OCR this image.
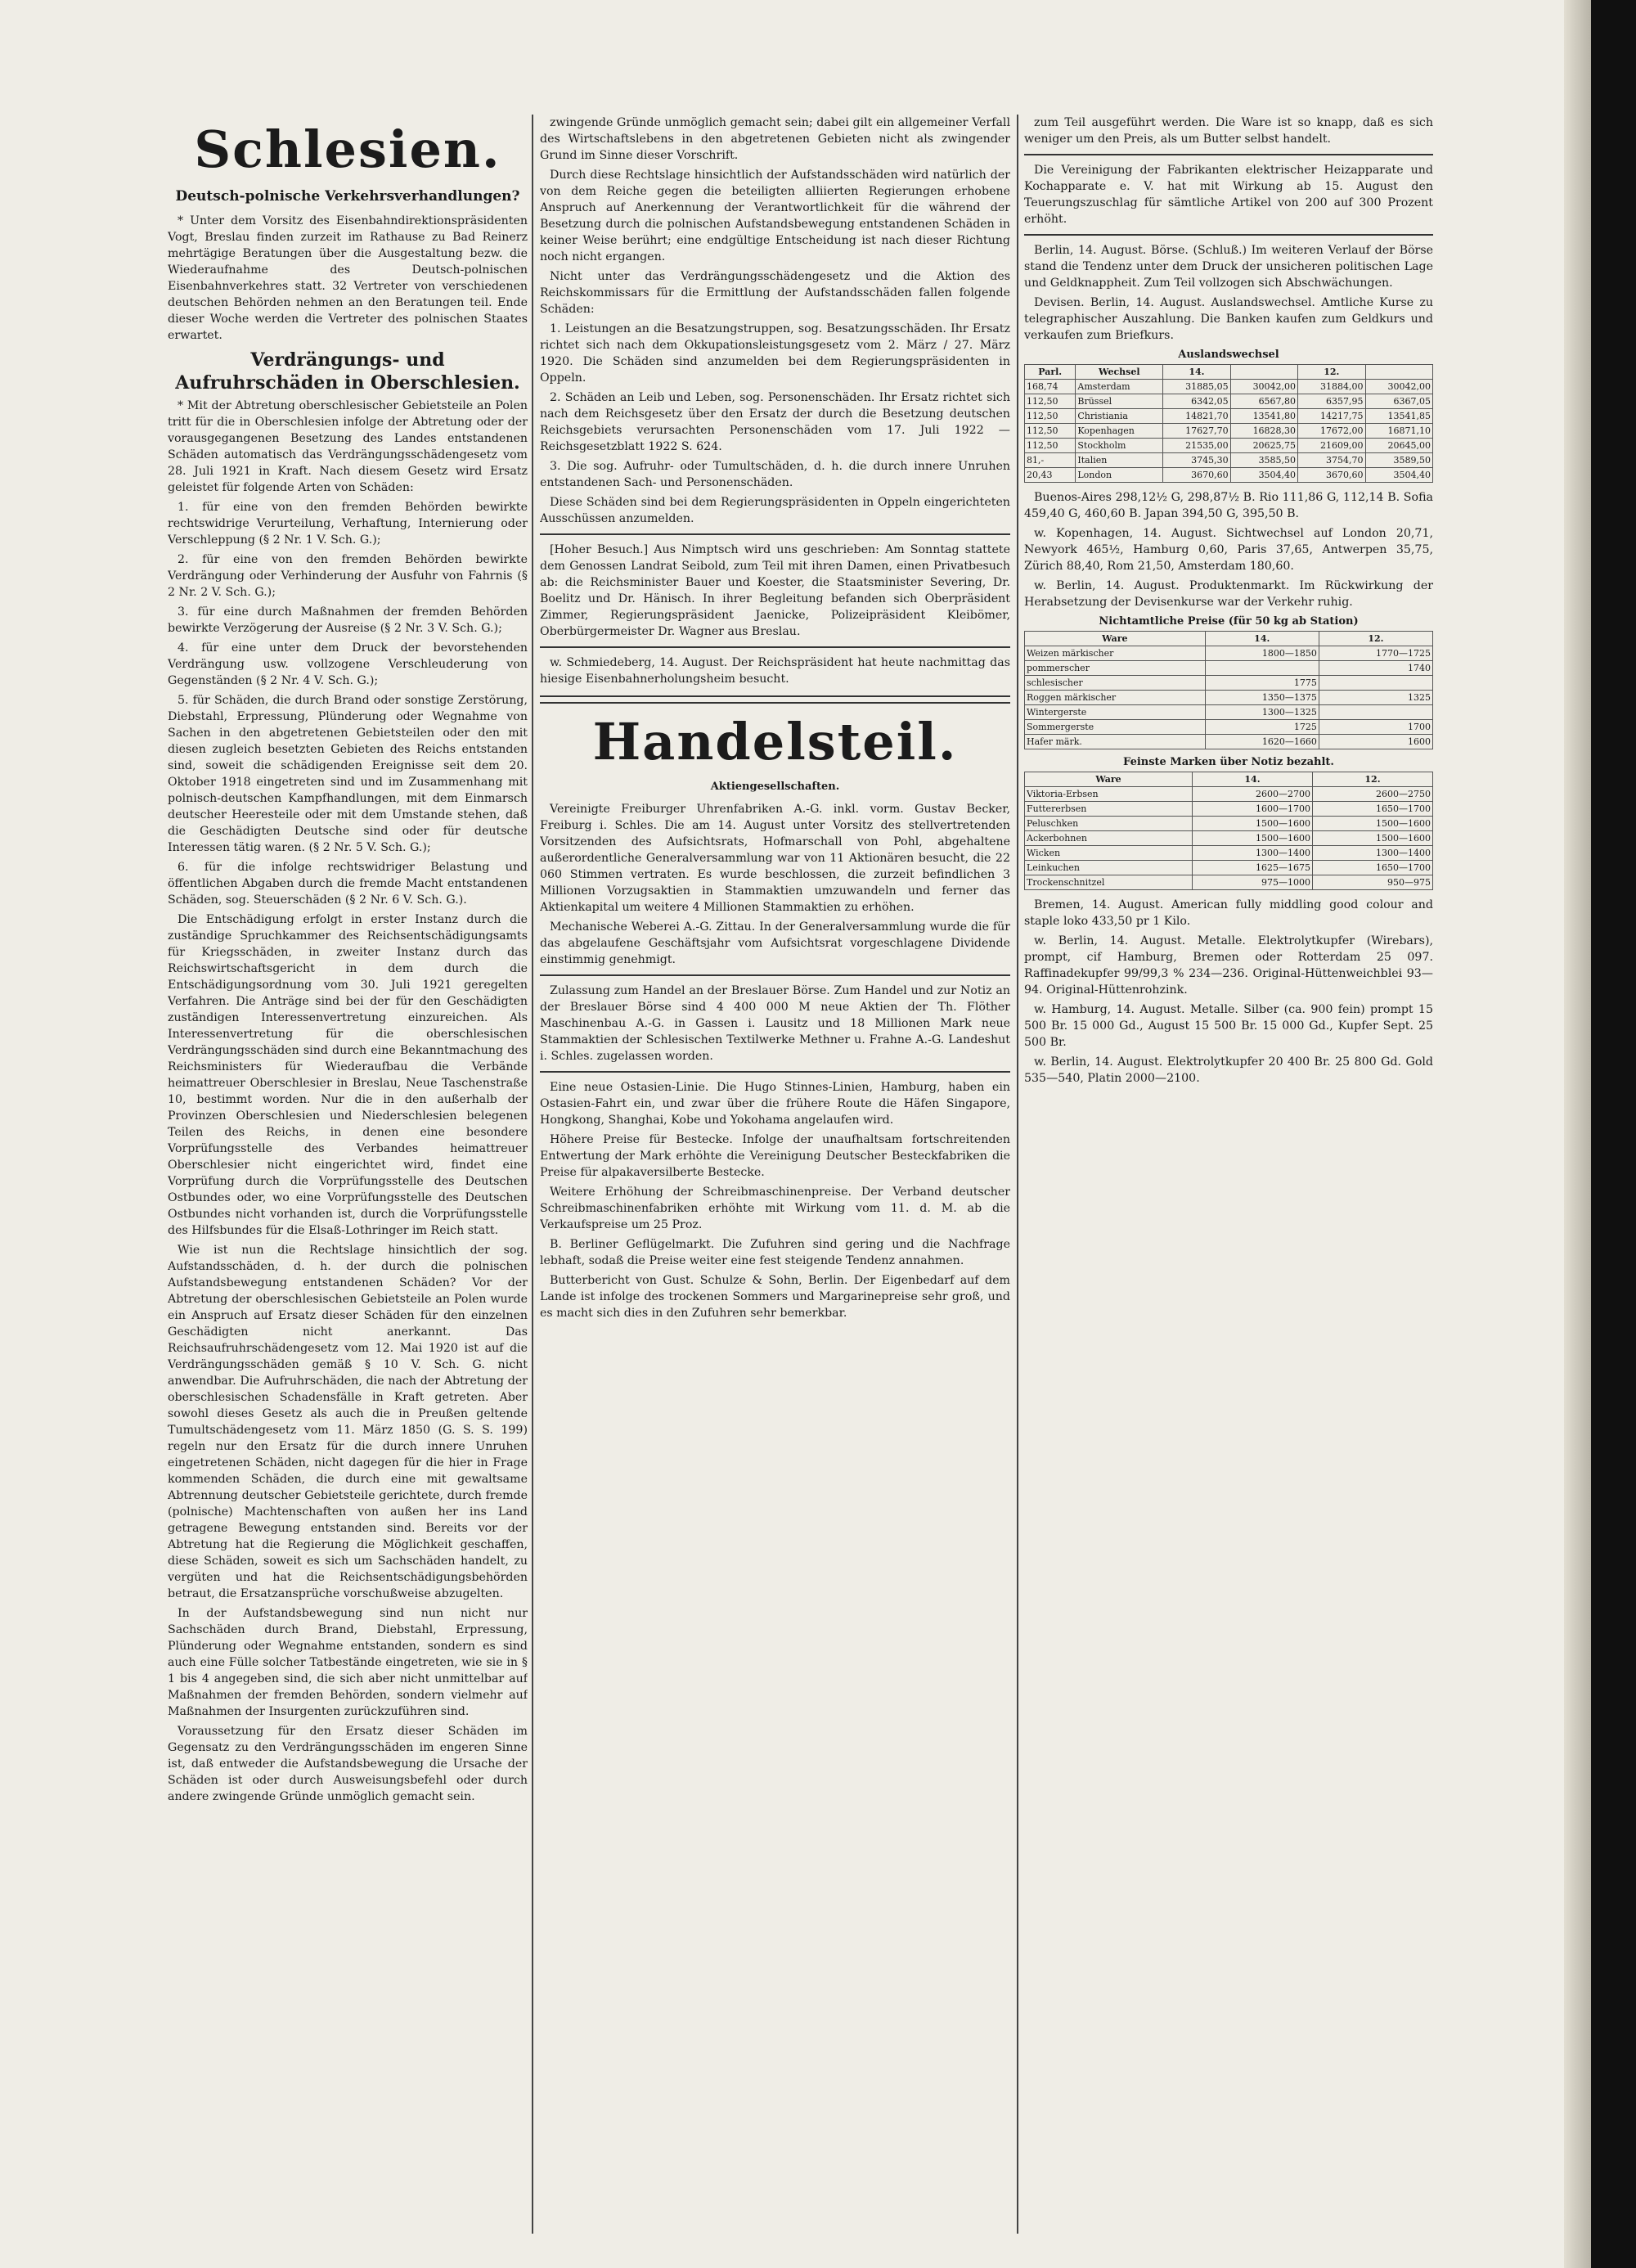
Schlesien.
Deutsch-polnische Verkehrsverhandlungen?

* Unter dem Vorsitz des Eisenbahndirektionspräsidenten Vogt, Breslau finden zurzeit im Rathause zu Bad Reinerz mehrtägige Beratungen über die Ausgestaltung bezw. die Wiederaufnahme des Deutsch-polnischen Eisenbahnverkehres statt. 32 Vertreter von verschiedenen deutschen Behörden nehmen an den Beratungen teil. Ende dieser Woche werden die Vertreter des polnischen Staates erwartet.

Verdrängungs- und Aufruhrschäden in Oberschlesien.

* Mit der Abtretung oberschlesischer Gebietsteile an Polen tritt für die in Oberschlesien infolge der Abtretung oder der vorausgegangenen Besetzung des Landes entstandenen Schäden automatisch das Verdrängungsschädengesetz vom 28. Juli 1921 in Kraft. Nach diesem Gesetz wird Ersatz geleistet für folgende Arten von Schäden:

1. für eine von den fremden Behörden bewirkte rechtswidrige Verurteilung, Verhaftung, Internierung oder Verschleppung (§ 2 Nr. 1 V. Sch. G.);

2. für eine von den fremden Behörden bewirkte Verdrängung oder Verhinderung der Ausfuhr von Fahrnis (§ 2 Nr. 2 V. Sch. G.);

3. für eine durch Maßnahmen der fremden Behörden bewirkte Verzögerung der Ausreise (§ 2 Nr. 3 V. Sch. G.);

4. für eine unter dem Druck der bevorstehenden Verdrängung usw. vollzogene Verschleuderung von Gegenständen (§ 2 Nr. 4 V. Sch. G.);

5. für Schäden, die durch Brand oder sonstige Zerstörung, Diebstahl, Erpressung, Plünderung oder Wegnahme von Sachen in den abgetretenen Gebietsteilen oder den mit diesen zugleich besetzten Gebieten des Reichs entstanden sind, soweit die schädigenden Ereignisse seit dem 20. Oktober 1918 eingetreten sind und im Zusammenhang mit polnisch-deutschen Kampfhandlungen, mit dem Einmarsch deutscher Heeresteile oder mit dem Umstande stehen, daß die Geschädigten Deutsche sind oder für deutsche Interessen tätig waren. (§ 2 Nr. 5 V. Sch. G.);

6. für die infolge rechtswidriger Belastung und öffentlichen Abgaben durch die fremde Macht entstandenen Schäden, sog. Steuerschäden (§ 2 Nr. 6 V. Sch. G.).

Die Entschädigung erfolgt in erster Instanz durch die zuständige Spruchkammer des Reichsentschädigungsamts für Kriegsschäden, in zweiter Instanz durch das Reichswirtschaftsgericht in dem durch die Entschädigungsordnung vom 30. Juli 1921 geregelten Verfahren. Die Anträge sind bei der für den Geschädigten zuständigen Interessenvertretung einzureichen. Als Interessenvertretung für die oberschlesischen Verdrängungsschäden sind durch eine Bekanntmachung des Reichsministers für Wiederaufbau die Verbände heimattreuer Oberschlesier in Breslau, Neue Taschenstraße 10, bestimmt worden. Nur die in den außerhalb der Provinzen Oberschlesien und Niederschlesien belegenen Teilen des Reichs, in denen eine besondere Vorprüfungsstelle des Verbandes heimattreuer Oberschlesier nicht eingerichtet wird, findet eine Vorprüfung durch die Vorprüfungsstelle des Deutschen Ostbundes oder, wo eine Vorprüfungsstelle des Deutschen Ostbundes nicht vorhanden ist, durch die Vorprüfungsstelle des Hilfsbundes für die Elsaß-Lothringer im Reich statt.

Wie ist nun die Rechtslage hinsichtlich der sog. Aufstandsschäden, d. h. der durch die polnischen Aufstandsbewegung entstandenen Schäden? Vor der Abtretung der oberschlesischen Gebietsteile an Polen wurde ein Anspruch auf Ersatz dieser Schäden für den einzelnen Geschädigten nicht anerkannt. Das Reichsaufruhrschädengesetz vom 12. Mai 1920 ist auf die Verdrängungsschäden gemäß § 10 V. Sch. G. nicht anwendbar. Die Aufruhrschäden, die nach der Abtretung der oberschlesischen Schadensfälle in Kraft getreten. Aber sowohl dieses Gesetz als auch die in Preußen geltende Tumultschädengesetz vom 11. März 1850 (G. S. S. 199) regeln nur den Ersatz für die durch innere Unruhen eingetretenen Schäden, nicht dagegen für die hier in Frage kommenden Schäden, die durch eine mit gewaltsame Abtrennung deutscher Gebietsteile gerichtete, durch fremde (polnische) Machtenschaften von außen her ins Land getragene Bewegung entstanden sind. Bereits vor der Abtretung hat die Regierung die Möglichkeit geschaffen, diese Schäden, soweit es sich um Sachschäden handelt, zu vergüten und hat die Reichsentschädigungsbehörden betraut, die Ersatzansprüche vorschußweise abzugelten.

In der Aufstandsbewegung sind nun nicht nur Sachschäden durch Brand, Diebstahl, Erpressung, Plünderung oder Wegnahme entstanden, sondern es sind auch eine Fülle solcher Tatbestände eingetreten, wie sie in § 1 bis 4 angegeben sind, die sich aber nicht unmittelbar auf Maßnahmen der fremden Behörden, sondern vielmehr auf Maßnahmen der Insurgenten zurückzuführen sind.

Voraussetzung für den Ersatz dieser Schäden im Gegensatz zu den Verdrängungsschäden im engeren Sinne ist, daß entweder die Aufstandsbewegung die Ursache der Schäden ist oder durch Ausweisungsbefehl oder durch andere zwingende Gründe unmöglich gemacht sein.

zwingende Gründe unmöglich gemacht sein; dabei gilt ein allgemeiner Verfall des Wirtschaftslebens in den abgetretenen Gebieten nicht als zwingender Grund im Sinne dieser Vorschrift.

Durch diese Rechtslage hinsichtlich der Aufstandsschäden wird natürlich der von dem Reiche gegen die beteiligten alliierten Regierungen erhobene Anspruch auf Anerkennung der Verantwortlichkeit für die während der Besetzung durch die polnischen Aufstandsbewegung entstandenen Schäden in keiner Weise berührt; eine endgültige Entscheidung ist nach dieser Richtung noch nicht ergangen.

Nicht unter das Verdrängungsschädengesetz und die Aktion des Reichskommissars für die Ermittlung der Aufstandsschäden fallen folgende Schäden:

1. Leistungen an die Besatzungstruppen, sog. Besatzungsschäden. Ihr Ersatz richtet sich nach dem Okkupationsleistungsgesetz vom 2. März / 27. März 1920. Die Schäden sind anzumelden bei dem Regierungspräsidenten in Oppeln.

2. Schäden an Leib und Leben, sog. Personenschäden. Ihr Ersatz richtet sich nach dem Reichsgesetz über den Ersatz der durch die Besetzung deutschen Reichsgebiets verursachten Personenschäden vom 17. Juli 1922 — Reichsgesetzblatt 1922 S. 624.

3. Die sog. Aufruhr- oder Tumultschäden, d. h. die durch innere Unruhen entstandenen Sach- und Personenschäden.

Diese Schäden sind bei dem Regierungspräsidenten in Oppeln eingerichteten Ausschüssen anzumelden.

[Hoher Besuch.] Aus Nimptsch wird uns geschrieben: Am Sonntag stattete dem Genossen Landrat Seibold, zum Teil mit ihren Damen, einen Privatbesuch ab: die Reichsminister Bauer und Koester, die Staatsminister Severing, Dr. Boelitz und Dr. Hänisch. In ihrer Begleitung befanden sich Oberpräsident Zimmer, Regierungspräsident Jaenicke, Polizeipräsident Kleibömer, Oberbürgermeister Dr. Wagner aus Breslau.

w. Schmiedeberg, 14. August. Der Reichspräsident hat heute nachmittag das hiesige Eisenbahnerholungsheim besucht.

Handelsteil.
Aktiengesellschaften.

Vereinigte Freiburger Uhrenfabriken A.-G. inkl. vorm. Gustav Becker, Freiburg i. Schles. Die am 14. August unter Vorsitz des stellvertretenden Vorsitzenden des Aufsichtsrats, Hofmarschall von Pohl, abgehaltene außerordentliche Generalversammlung war von 11 Aktionären besucht, die 22 060 Stimmen vertraten. Es wurde beschlossen, die zurzeit befindlichen 3 Millionen Vorzugsaktien in Stammaktien umzuwandeln und ferner das Aktienkapital um weitere 4 Millionen Stammaktien zu erhöhen.

Mechanische Weberei A.-G. Zittau. In der Generalversammlung wurde die für das abgelaufene Geschäftsjahr vom Aufsichtsrat vorgeschlagene Dividende einstimmig genehmigt.

Zulassung zum Handel an der Breslauer Börse. Zum Handel und zur Notiz an der Breslauer Börse sind 4 400 000 M neue Aktien der Th. Flöther Maschinenbau A.-G. in Gassen i. Lausitz und 18 Millionen Mark neue Stammaktien der Schlesischen Textilwerke Methner u. Frahne A.-G. Landeshut i. Schles. zugelassen worden.

Eine neue Ostasien-Linie. Die Hugo Stinnes-Linien, Hamburg, haben ein Ostasien-Fahrt ein, und zwar über die frühere Route die Häfen Singapore, Hongkong, Shanghai, Kobe und Yokohama angelaufen wird.

Höhere Preise für Bestecke. Infolge der unaufhaltsam fortschreitenden Entwertung der Mark erhöhte die Vereinigung Deutscher Besteckfabriken die Preise für alpakaversilberte Bestecke.

Weitere Erhöhung der Schreibmaschinenpreise. Der Verband deutscher Schreibmaschinenfabriken erhöhte mit Wirkung vom 11. d. M. ab die Verkaufspreise um 25 Proz.

B. Berliner Geflügelmarkt. Die Zufuhren sind gering und die Nachfrage lebhaft, sodaß die Preise weiter eine fest steigende Tendenz annahmen.

Butterbericht von Gust. Schulze & Sohn, Berlin. Der Eigenbedarf auf dem Lande ist infolge des trockenen Sommers und Margarinepreise sehr groß, und es macht sich dies in den Zufuhren sehr bemerkbar.

zum Teil ausgeführt werden. Die Ware ist so knapp, daß es sich weniger um den Preis, als um Butter selbst handelt.

Die Vereinigung der Fabrikanten elektrischer Heizapparate und Kochapparate e. V. hat mit Wirkung ab 15. August den Teuerungszuschlag für sämtliche Artikel von 200 auf 300 Prozent erhöht.

Berlin, 14. August. Börse. (Schluß.) Im weiteren Verlauf der Börse stand die Tendenz unter dem Druck der unsicheren politischen Lage und Geldknappheit. Zum Teil vollzogen sich Abschwächungen.

Devisen. Berlin, 14. August. Auslandswechsel. Amtliche Kurse zu telegraphischer Auszahlung. Die Banken kaufen zum Geldkurs und verkaufen zum Briefkurs.

Auslandswechsel
Parl.	Wechsel	14.		12.	
168,74	Amsterdam	31885,05	30042,00	31884,00	30042,00
112,50	Brüssel	6342,05	6567,80	6357,95	6367,05
112,50	Christiania	14821,70	13541,80	14217,75	13541,85
112,50	Kopenhagen	17627,70	16828,30	17672,00	16871,10
112,50	Stockholm	21535,00	20625,75	21609,00	20645,00
81,-	Italien	3745,30	3585,50	3754,70	3589,50
20,43	London	3670,60	3504,40	3670,60	3504,40

Buenos-Aires 298,12½ G, 298,87½ B. Rio 111,86 G, 112,14 B. Sofia 459,40 G, 460,60 B. Japan 394,50 G, 395,50 B.

w. Kopenhagen, 14. August. Sichtwechsel auf London 20,71, Newyork 465½, Hamburg 0,60, Paris 37,65, Antwerpen 35,75, Zürich 88,40, Rom 21,50, Amsterdam 180,60.

w. Berlin, 14. August. Produktenmarkt. Im Rückwirkung der Herabsetzung der Devisenkurse war der Verkehr ruhig.

Nichtamtliche Preise (für 50 kg ab Station)
Ware	14.	12.
Weizen märkischer	1800—1850	1770—1725
pommerscher		1740
schlesischer	1775	
Roggen märkischer	1350—1375	1325
Wintergerste	1300—1325	
Sommergerste	1725	1700
Hafer märk.	1620—1660	1600
Feinste Marken über Notiz bezahlt.
Ware	14.	12.
Viktoria-Erbsen	2600—2700	2600—2750
Futtererbsen	1600—1700	1650—1700
Peluschken	1500—1600	1500—1600
Ackerbohnen	1500—1600	1500—1600
Wicken	1300—1400	1300—1400
Leinkuchen	1625—1675	1650—1700
Trockenschnitzel	975—1000	950—975

Bremen, 14. August. American fully middling good colour and staple loko 433,50 pr 1 Kilo.

w. Berlin, 14. August. Metalle. Elektrolytkupfer (Wirebars), prompt, cif Hamburg, Bremen oder Rotterdam 25 097. Raffinadekupfer 99/99,3 % 234—236. Original-Hüttenweichblei 93—94. Original-Hüttenrohzink.

w. Hamburg, 14. August. Metalle. Silber (ca. 900 fein) prompt 15 500 Br. 15 000 Gd., August 15 500 Br. 15 000 Gd., Kupfer Sept. 25 500 Br.

w. Berlin, 14. August. Elektrolytkupfer 20 400 Br. 25 800 Gd. Gold 535—540, Platin 2000—2100.
